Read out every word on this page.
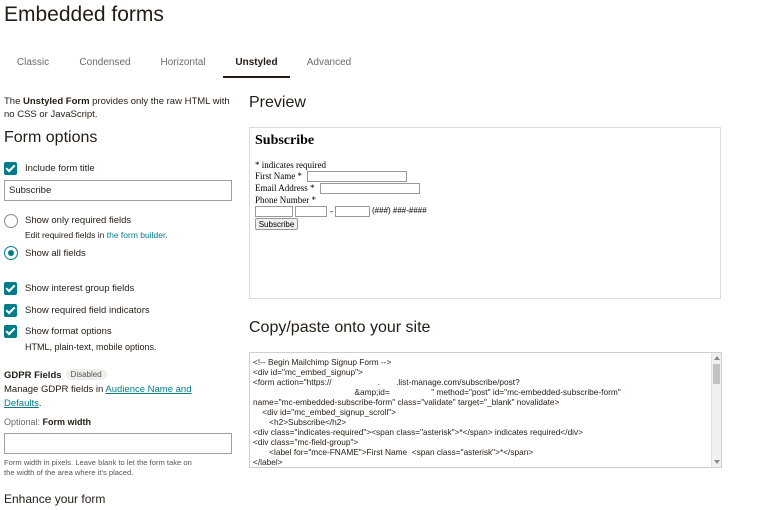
Embedded forms
Classic	Condensed	Horizontal	Unstyled	Advanced
The Unstyled Form provides only the raw HTML with no CSS or JavaScript.
Form options
Include form title
Subscribe
Show only required fields
Edit required fields in the form builder.
Show all fields
Show interest group fields
Show required field indicators
Show format options
HTML, plain-text, mobile options.
GDPR Fields Disabled
Manage GDPR fields in Audience Name and
Defaults.
Optional: Form width
Form width in pixels. Leave blank to let the form take on
the width of the area where it's placed.
Enhance your form
Preview
Subscribe
* indicates required
First Name *
Email Address *
Phone Number *
-	(###) ###-####
Subscribe
Copy/paste onto your site
<!-- Begin Mailchimp Signup Form -->
<div id="mc_embed_signup">
<form action="https://                    .       .list-manage.com/subscribe/post?
&amp;id=                  " method="post" id="mc-embedded-subscribe-form"
name="mc-embedded-subscribe-form" class="validate" target="_blank" novalidate>
<div id="mc_embed_signup_scroll">
<h2>Subscribe</h2>
<div class="indicates-required"><span class="asterisk">*</span> indicates required</div>
<div class="mc-field-group">
<label for="mce-FNAME">First Name  <span class="asterisk">*</span>
</label>
